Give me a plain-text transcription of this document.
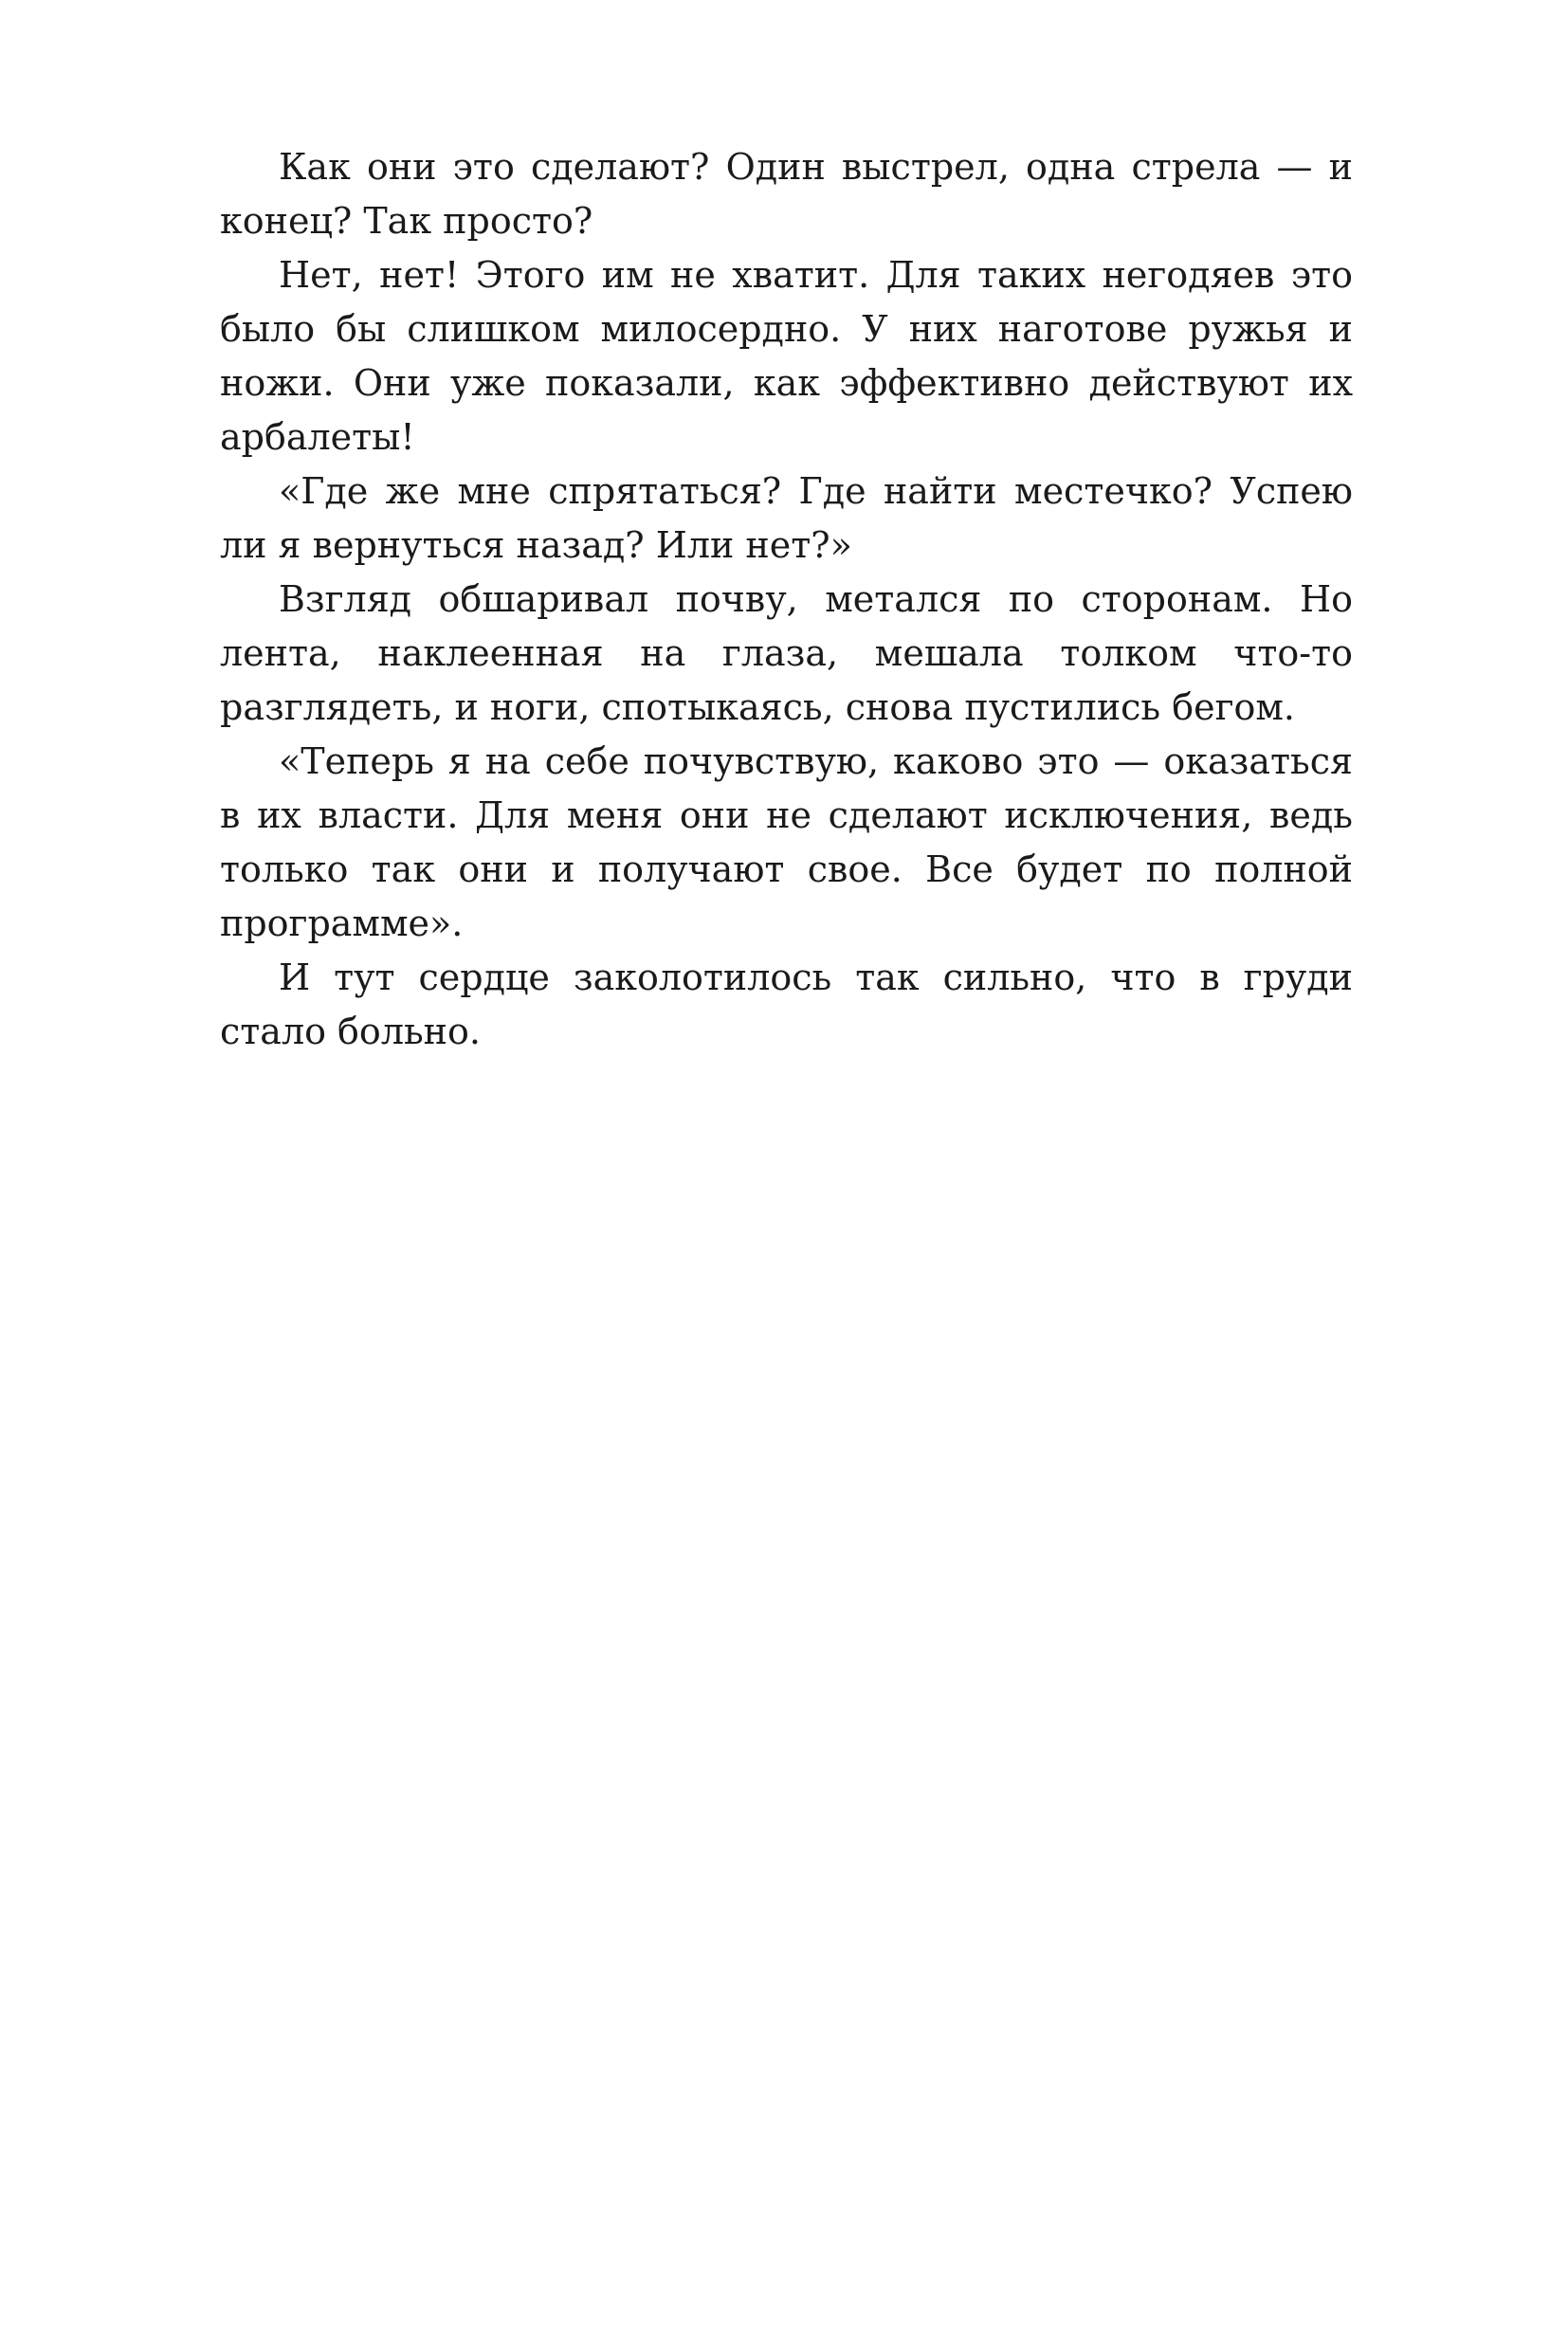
Как они это сделают? Один выстрел, одна стрела — и конец? Так просто?

Нет, нет! Этого им не хватит. Для таких негодяев это было бы слишком милосердно. У них наготове ружья и ножи. Они уже показали, как эффективно действуют их арбалеты!

«Где же мне спрятаться? Где найти местечко? Успею ли я вернуться назад? Или нет?»

Взгляд обшаривал почву, метался по сторонам. Но лента, наклеенная на глаза, мешала толком что-то разглядеть, и ноги, спотыкаясь, снова пустились бегом.

«Теперь я на себе почувствую, каково это — оказаться в их власти. Для меня они не сделают исключения, ведь только так они и получают свое. Все будет по полной программе».

И тут сердце заколотилось так сильно, что в груди стало больно.
